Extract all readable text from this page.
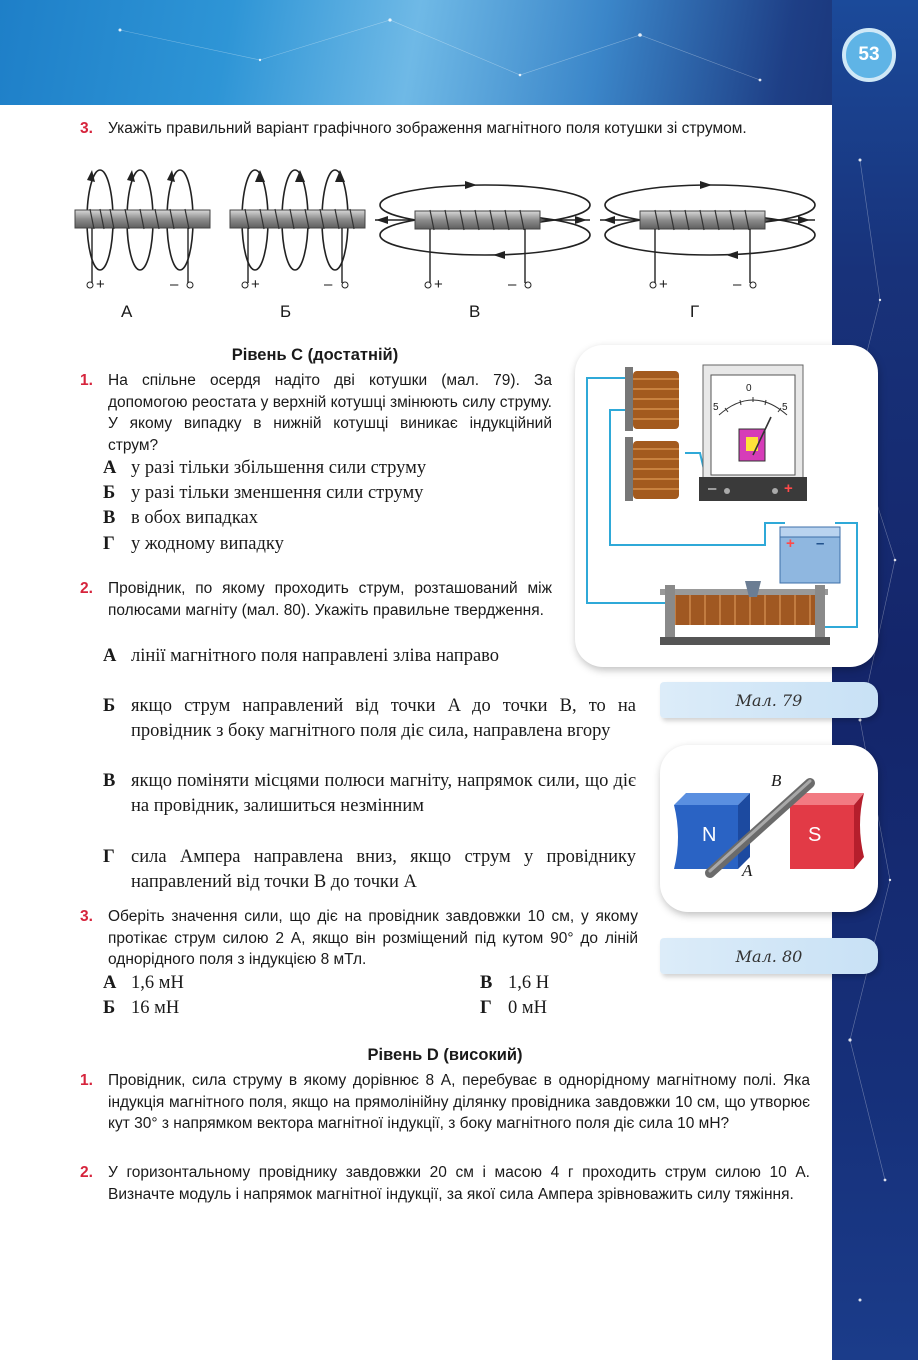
53
3. Укажіть правильний варіант графічного зображення магнітного поля котушки зі струмом.

+	–	+	–	+	–	+	–
А	Б	В	Г
Рівень С (достатній)
1. На спільне осердя надіто дві котушки (мал. 79). За допомогою реостата у верхній котушці змінюють силу струму. У якому випадку в нижній котушці виникає індукційний струм?

А у разі тільки збільшення сили струму
Б у разі тільки зменшення сили струму
В в обох випадках
Г у жодному випадку
2. Провідник, по якому проходить струм, розташований між полюсами магніту (мал. 80). Укажіть правильне твердження.

А лінії магнітного поля направлені зліва направо
Б якщо струм направлений від точки A до точки B, то на провідник з боку магнітного поля діє сила, направлена вгору
В якщо поміняти місцями полюси магніту, напрямок сили, що діє на провідник, залишиться незмінним
Г сила Ампера направлена вниз, якщо струм у провіднику направлений від точки B до точки A
3. Оберіть значення сили, що діє на провідник завдовжки 10 см, у якому протікає струм силою 2 А, якщо він розміщений під кутом 90° до ліній однорідного поля з індукцією 8 мТл.

А 1,6 мН	В 1,6 Н
Б 16 мН	Г 0 мН
Рівень D (високий)
1. Провідник, сила струму в якому дорівнює 8 А, перебуває в однорідному магнітному полі. Яка індукція магнітного поля, якщо на прямолінійну ділянку провідника завдовжки 10 см, що утворює кут 30° з напрямком вектора магнітної індукції, з боку магнітного поля діє сила 10 мН?

2. У горизонтальному провіднику завдовжки 20 см і масою 4 г проходить струм силою 10 А. Визначте модуль і напрямок магнітної індукції, за якої сила Ампера зрівноважить силу тяжіння.

0
5	5
–	+
+ –
Мал. 79
N	S
A
B
Мал. 80
